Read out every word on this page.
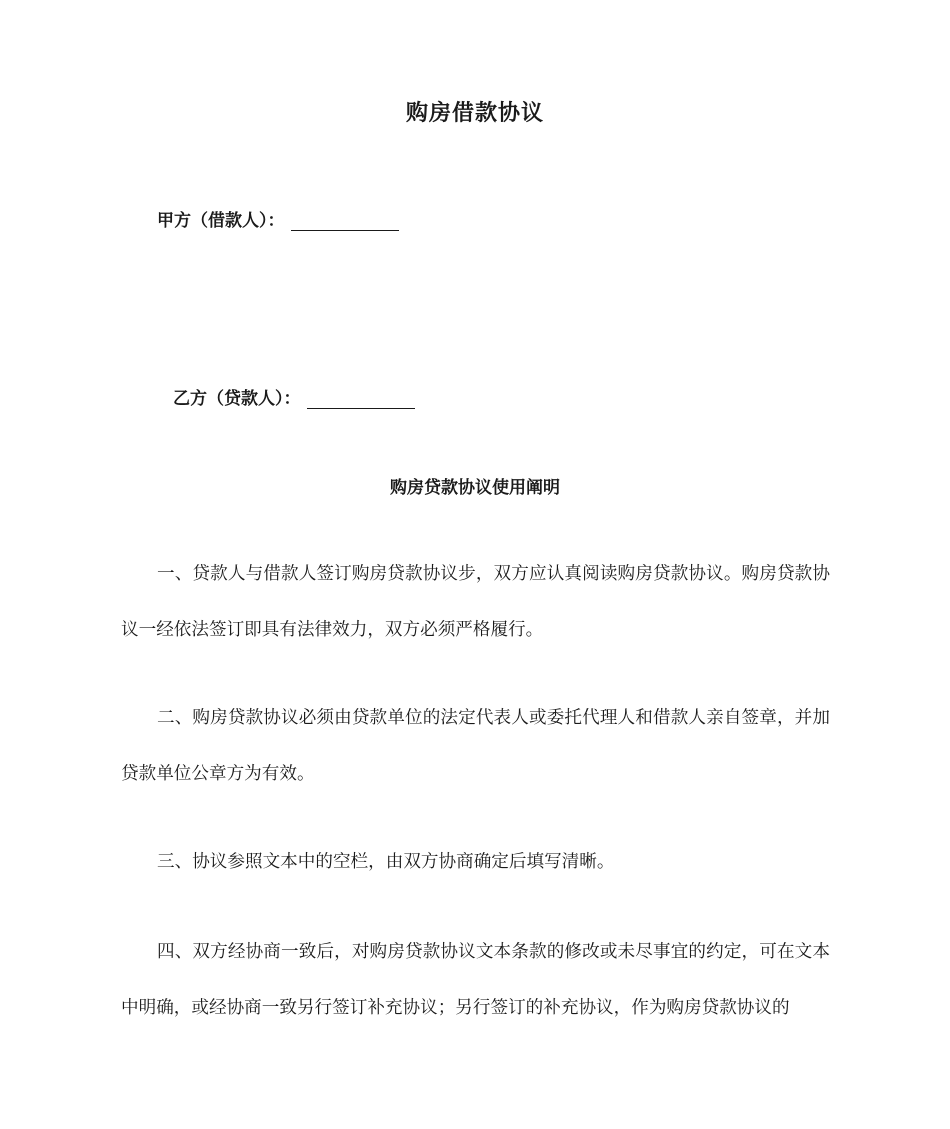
购房借款协议
甲方（借款人）：
乙方（贷款人）：
购房贷款协议使用阐明

一、贷款人与借款人签订购房贷款协议步，双方应认真阅读购房贷款协议。购房贷款协议一经依法签订即具有法律效力，双方必须严格履行。

二、购房贷款协议必须由贷款单位的法定代表人或委托代理人和借款人亲自签章，并加贷款单位公章方为有效。

三、协议参照文本中的空栏，由双方协商确定后填写清晰。

四、双方经协商一致后，对购房贷款协议文本条款的修改或未尽事宜的约定，可在文本中明确，或经协商一致另行签订补充协议；另行签订的补充协议，作为购房贷款协议的
